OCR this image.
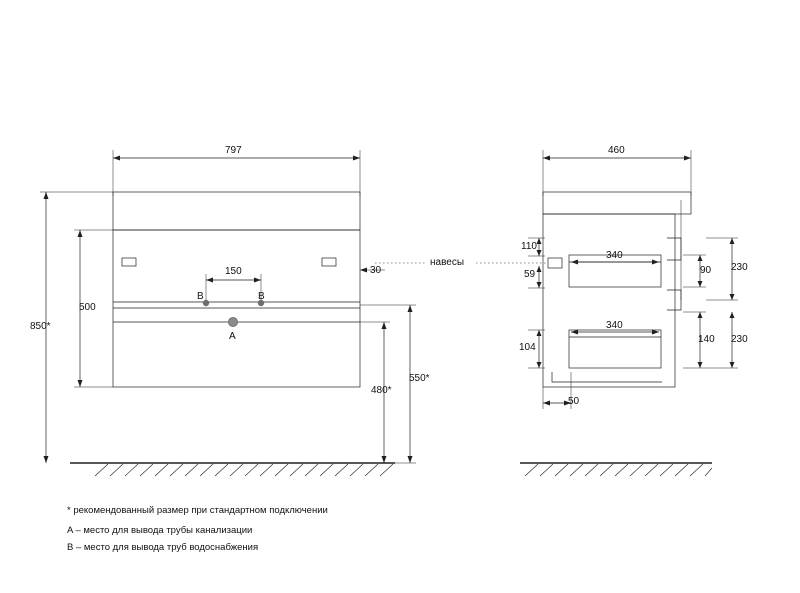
797
850*
500
150	30
480*
550*
460
110
59
104
340
340
50
90 230
140 230
навесы
B	B
A
* рекомендованный размер при стандартном подключении
A – место для вывода трубы канализации
B – место для вывода труб водоснабжения
